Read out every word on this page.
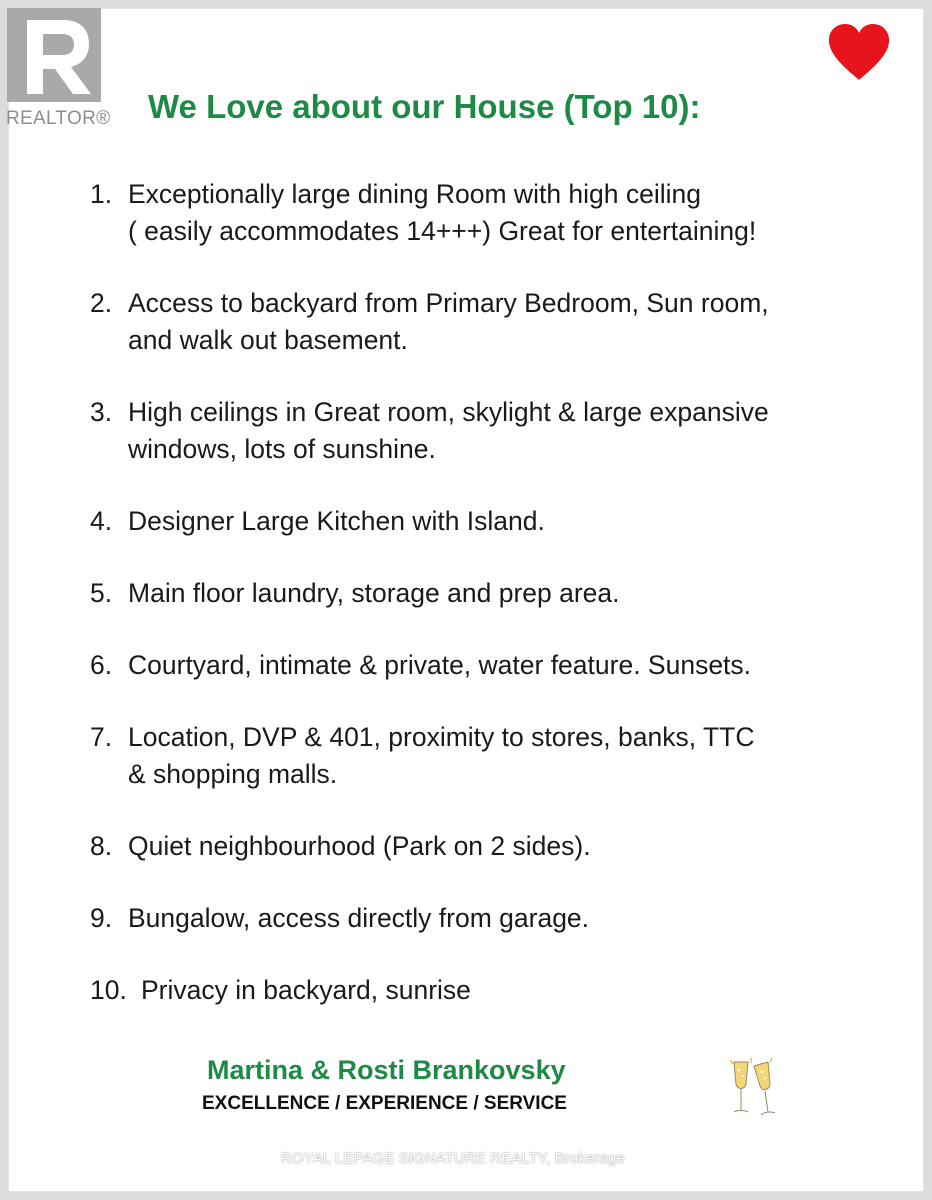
REALTOR® We Love about our House (Top 10):
1. Exceptionally large dining Room with high ceiling
( easily accommodates 14+++) Great for entertaining!
2. Access to backyard from Primary Bedroom, Sun room,
and walk out basement.
3. High ceilings in Great room, skylight & large expansive
windows, lots of sunshine.
4. Designer Large Kitchen with Island.
5. Main floor laundry, storage and prep area.
6. Courtyard, intimate & private, water feature. Sunsets.
7. Location, DVP & 401, proximity to stores, banks, TTC
& shopping malls.
8. Quiet neighbourhood (Park on 2 sides).
9. Bungalow, access directly from garage.
10. Privacy in backyard, sunrise
Martina & Rosti Brankovsky
EXCELLENCE / EXPERIENCE / SERVICE
ROYAL LEPAGE SIGNATURE REALTY, Brokerage
